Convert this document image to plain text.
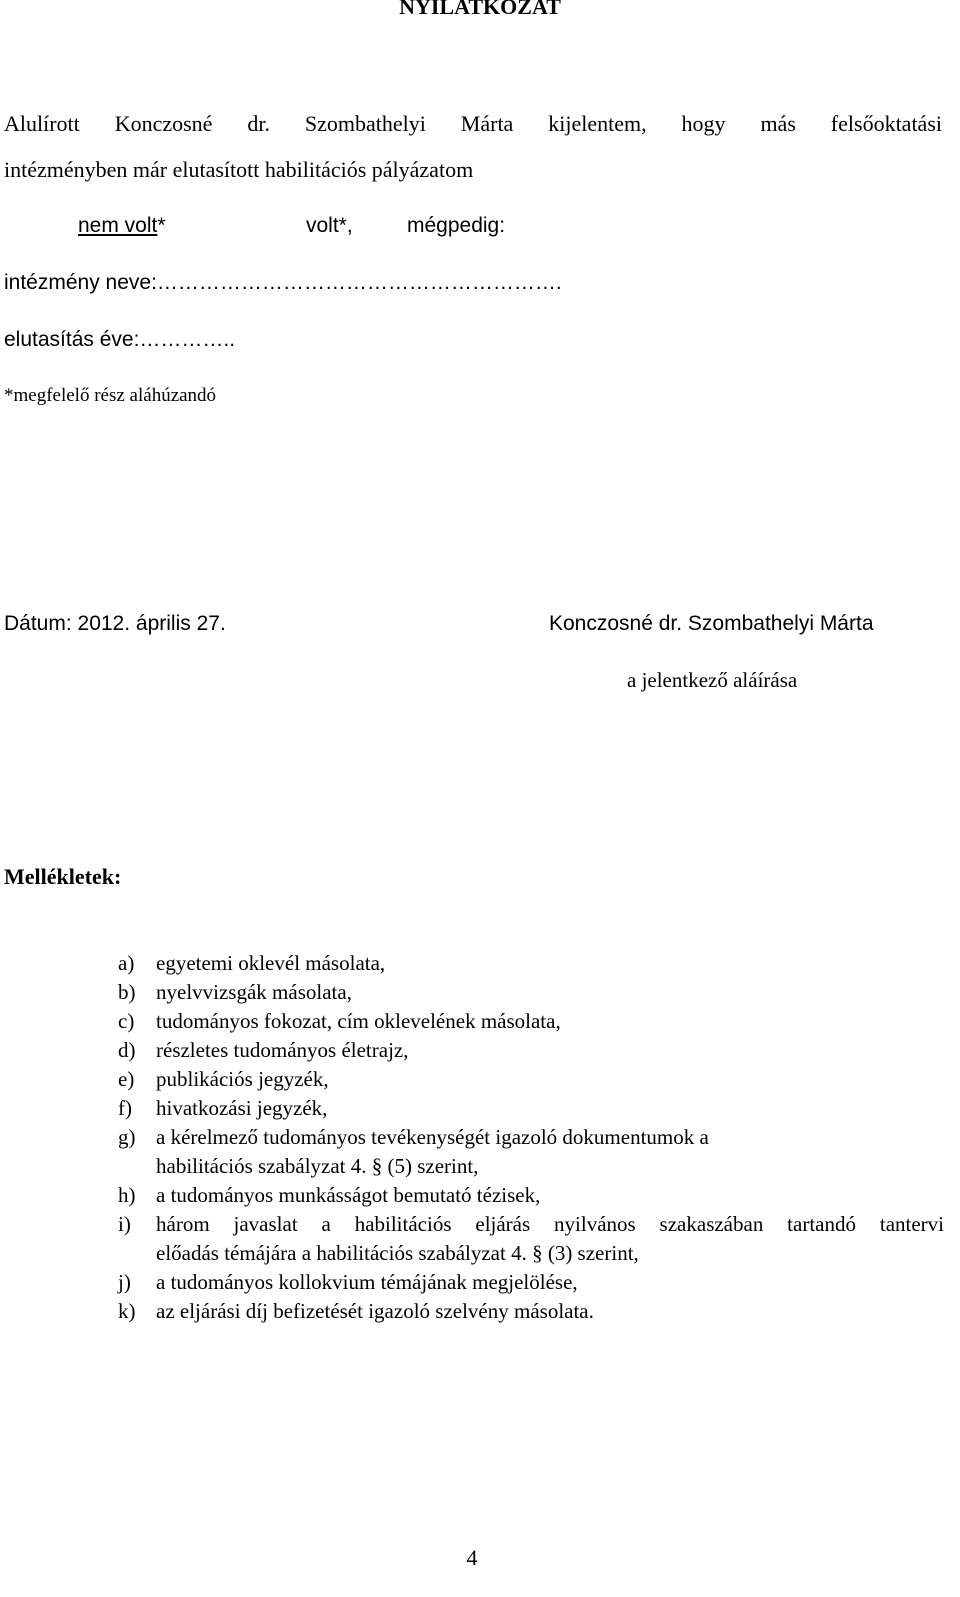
NYILATKOZAT
Alulírott Konczosné dr. Szombathelyi Márta kijelentem, hogy más felsőoktatási
intézményben már elutasított habilitációs pályázatom
nem volt*	volt*,	mégpedig:
intézmény neve:………………………………………………….
elutasítás éve:…………..
*megfelelő rész aláhúzandó
Dátum: 2012. április 27.	Konczosné dr. Szombathelyi Márta
a jelentkező aláírása
Mellékletek:
a)	egyetemi oklevél másolata,
b) nyelvvizsgák másolata,
c)	tudományos fokozat, cím oklevelének másolata,
d) részletes tudományos életrajz,
e)	publikációs jegyzék,
f)	hivatkozási jegyzék,
g) a kérelmező tudományos tevékenységét igazoló dokumentumok a
habilitációs szabályzat 4. § (5) szerint,
h) a tudományos munkásságot bemutató tézisek,
i)	három javaslat a habilitációs eljárás nyilvános szakaszában tartandó tantervi
előadás témájára a habilitációs szabályzat 4. § (3) szerint,
j)	a tudományos kollokvium témájának megjelölése,
k) az eljárási díj befizetését igazoló szelvény másolata.
4
